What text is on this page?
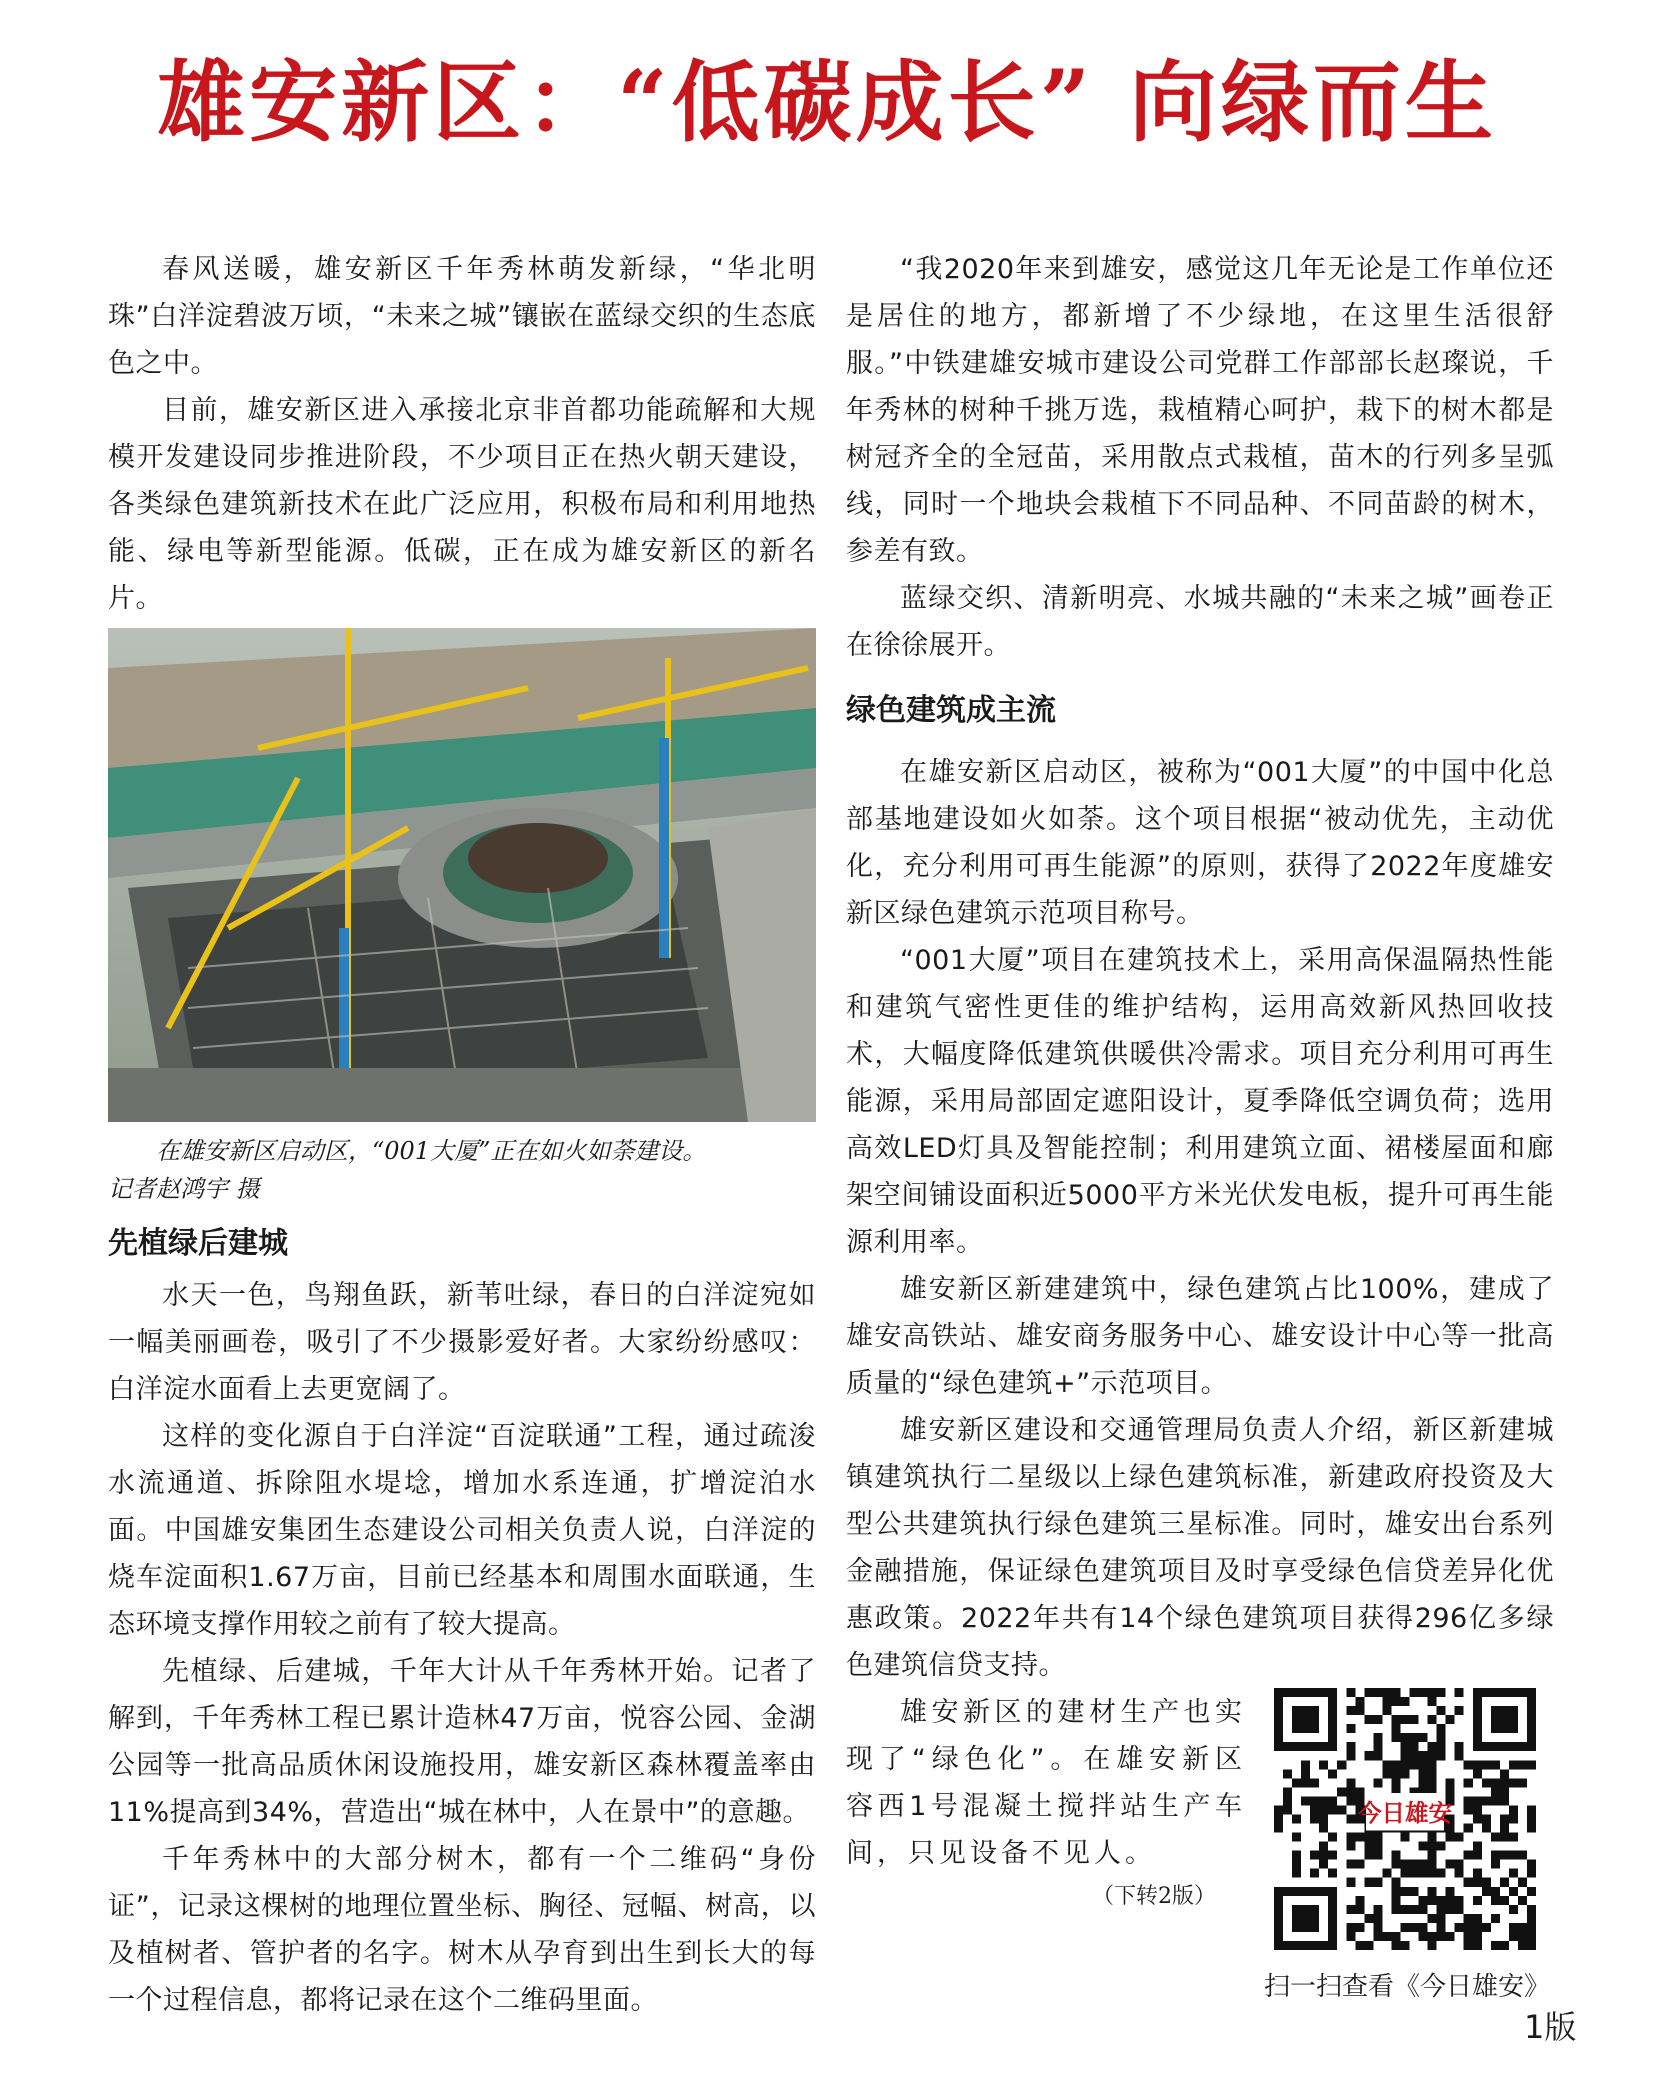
雄安新区：“低碳成长” 向绿而生

春风送暖，雄安新区千年秀林萌发新绿，“华北明珠”白洋淀碧波万顷，“未来之城”镶嵌在蓝绿交织的生态底色之中。

目前，雄安新区进入承接北京非首都功能疏解和大规模开发建设同步推进阶段，不少项目正在热火朝天建设，各类绿色建筑新技术在此广泛应用，积极布局和利用地热能、绿电等新型能源。低碳，正在成为雄安新区的新名片。

在雄安新区启动区，“001大厦”正在如火如荼建设。

记者赵鸿宇 摄

先植绿后建城

水天一色，鸟翔鱼跃，新苇吐绿，春日的白洋淀宛如一幅美丽画卷，吸引了不少摄影爱好者。大家纷纷感叹：白洋淀水面看上去更宽阔了。

这样的变化源自于白洋淀“百淀联通”工程，通过疏浚水流通道、拆除阻水堤埝，增加水系连通，扩增淀泊水面。中国雄安集团生态建设公司相关负责人说，白洋淀的烧车淀面积1.67万亩，目前已经基本和周围水面联通，生态环境支撑作用较之前有了较大提高。

先植绿、后建城，千年大计从千年秀林开始。记者了解到，千年秀林工程已累计造林47万亩，悦容公园、金湖公园等一批高品质休闲设施投用，雄安新区森林覆盖率由11%提高到34%，营造出“城在林中，人在景中”的意趣。

千年秀林中的大部分树木，都有一个二维码“身份证”，记录这棵树的地理位置坐标、胸径、冠幅、树高，以及植树者、管护者的名字。树木从孕育到出生到长大的每一个过程信息，都将记录在这个二维码里面。

“我2020年来到雄安，感觉这几年无论是工作单位还是居住的地方，都新增了不少绿地，在这里生活很舒服。”中铁建雄安城市建设公司党群工作部部长赵璨说，千年秀林的树种千挑万选，栽植精心呵护，栽下的树木都是树冠齐全的全冠苗，采用散点式栽植，苗木的行列多呈弧线，同时一个地块会栽植下不同品种、不同苗龄的树木，参差有致。

蓝绿交织、清新明亮、水城共融的“未来之城”画卷正在徐徐展开。

绿色建筑成主流

在雄安新区启动区，被称为“001大厦”的中国中化总部基地建设如火如荼。这个项目根据“被动优先，主动优化，充分利用可再生能源”的原则，获得了2022年度雄安新区绿色建筑示范项目称号。

“001大厦”项目在建筑技术上，采用高保温隔热性能和建筑气密性更佳的维护结构，运用高效新风热回收技术，大幅度降低建筑供暖供冷需求。项目充分利用可再生能源，采用局部固定遮阳设计，夏季降低空调负荷；选用高效LED灯具及智能控制；利用建筑立面、裙楼屋面和廊架空间铺设面积近5000平方米光伏发电板，提升可再生能源利用率。

雄安新区新建建筑中，绿色建筑占比100%，建成了雄安高铁站、雄安商务服务中心、雄安设计中心等一批高质量的“绿色建筑+”示范项目。

雄安新区建设和交通管理局负责人介绍，新区新建城镇建筑执行二星级以上绿色建筑标准，新建政府投资及大型公共建筑执行绿色建筑三星标准。同时，雄安出台系列金融措施，保证绿色建筑项目及时享受绿色信贷差异化优惠政策。2022年共有14个绿色建筑项目获得296亿多绿色建筑信贷支持。

雄安新区的建材生产也实现了“绿色化”。在雄安新区容西1号混凝土搅拌站生产车间，只见设备不见人。

（下转2版）
今日雄安
扫一扫查看《今日雄安》
1版
